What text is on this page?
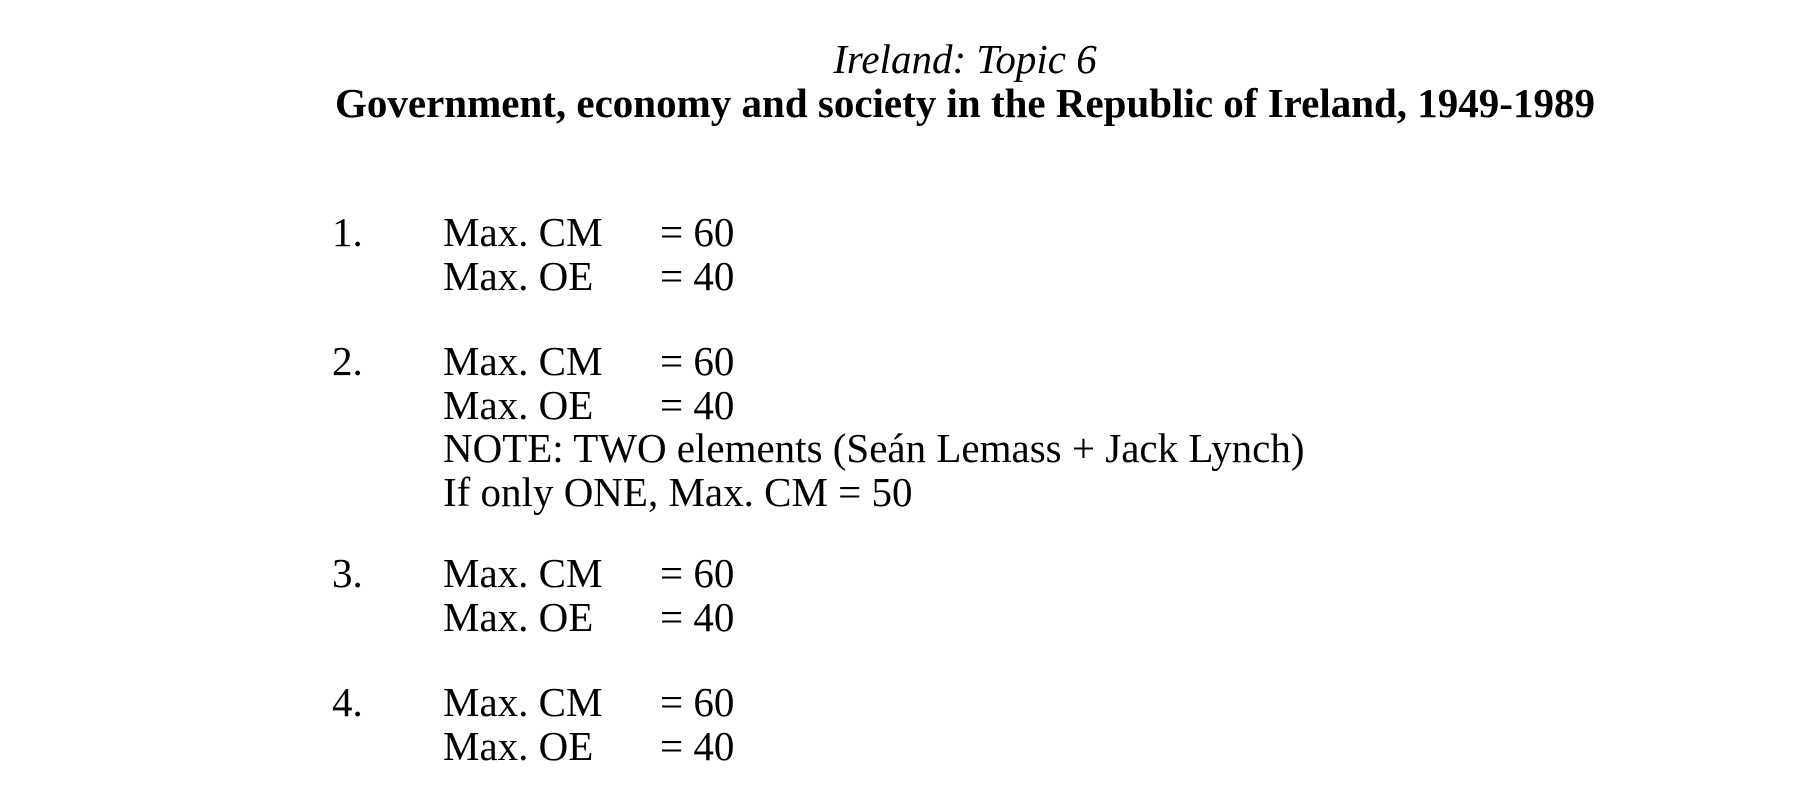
Ireland: Topic 6
Government, economy and society in the Republic of Ireland, 1949-1989
1.	Max. CM	= 60
Max. OE	= 40
2.	Max. CM	= 60
Max. OE	= 40
NOTE: TWO elements (Seán Lemass + Jack Lynch)
If only ONE, Max. CM = 50
3.	Max. CM	= 60
Max. OE	= 40
4.	Max. CM	= 60
Max. OE	= 40
